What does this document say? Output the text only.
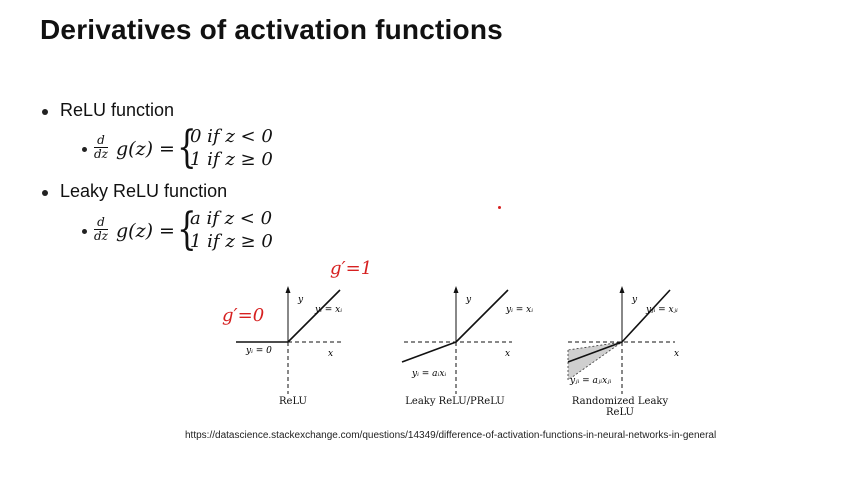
Derivatives of activation functions
ReLU function
$\frac{d}{dz} g(z)$ = {
0 if z < 0
1 if z ≥ 0
Leaky ReLU function
$\frac{d}{dz} g(z)$ = {
a if z < 0
1 if z ≥ 0
y
x
yᵢ = xᵢ
yᵢ = 0
ReLU
g′=1
g′=0
y
x
yᵢ = xᵢ
yᵢ = aᵢxᵢ
Leaky ReLU/PReLU
y
x
yⱼᵢ = xⱼᵢ
yⱼᵢ = aⱼᵢxⱼᵢ
Randomized Leaky ReLU
https://datascience.stackexchange.com/questions/14349/difference-of-activation-functions-in-neural-networks-in-general
